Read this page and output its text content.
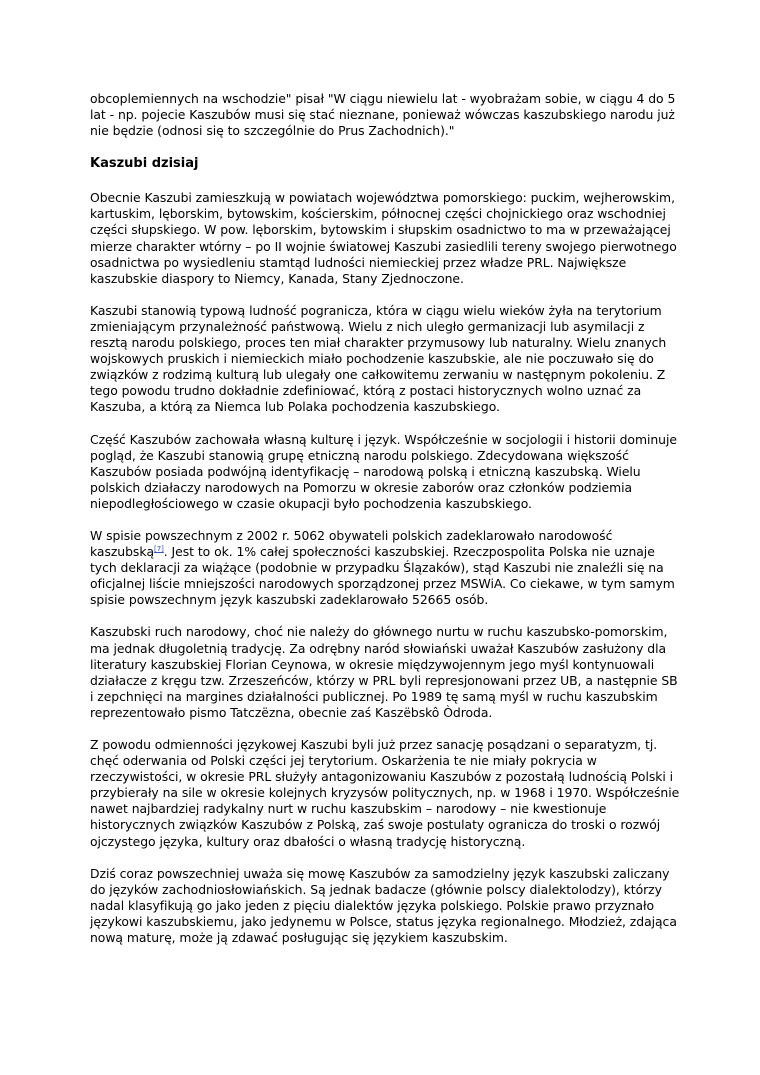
obcoplemiennych na wschodzie" pisał "W ciągu niewielu lat - wyobrażam sobie, w ciągu 4 do 5 lat - np. pojecie Kaszubów musi się stać nieznane, ponieważ wówczas kaszubskiego narodu już nie będzie (odnosi się to szczególnie do Prus Zachodnich)."

Kaszubi dzisiaj

Obecnie Kaszubi zamieszkują w powiatach województwa pomorskiego: puckim, wejherowskim, kartuskim, lęborskim, bytowskim, kościerskim, północnej części chojnickiego oraz wschodniej części słupskiego. W pow. lęborskim, bytowskim i słupskim osadnictwo to ma w przeważającej mierze charakter wtórny – po II wojnie światowej Kaszubi zasiedlili tereny swojego pierwotnego osadnictwa po wysiedleniu stamtąd ludności niemieckiej przez władze PRL. Największe kaszubskie diaspory to Niemcy, Kanada, Stany Zjednoczone.

Kaszubi stanowią typową ludność pogranicza, która w ciągu wielu wieków żyła na terytorium zmieniającym przynależność państwową. Wielu z nich uległo germanizacji lub asymilacji z resztą narodu polskiego, proces ten miał charakter przymusowy lub naturalny. Wielu znanych wojskowych pruskich i niemieckich miało pochodzenie kaszubskie, ale nie poczuwało się do związków z rodzimą kulturą lub ulegały one całkowitemu zerwaniu w następnym pokoleniu. Z tego powodu trudno dokładnie zdefiniować, którą z postaci historycznych wolno uznać za Kaszuba, a którą za Niemca lub Polaka pochodzenia kaszubskiego.

Część Kaszubów zachowała własną kulturę i język. Współcześnie w socjologii i historii dominuje pogląd, że Kaszubi stanowią grupę etniczną narodu polskiego. Zdecydowana większość Kaszubów posiada podwójną identyfikację – narodową polską i etniczną kaszubską. Wielu polskich działaczy narodowych na Pomorzu w okresie zaborów oraz członków podziemia niepodległościowego w czasie okupacji było pochodzenia kaszubskiego.

W spisie powszechnym z 2002 r. 5062 obywateli polskich zadeklarowało narodowość kaszubską[7]. Jest to ok. 1% całej społeczności kaszubskiej. Rzeczpospolita Polska nie uznaje tych deklaracji za wiążące (podobnie w przypadku Ślązaków), stąd Kaszubi nie znaleźli się na oficjalnej liście mniejszości narodowych sporządzonej przez MSWiA. Co ciekawe, w tym samym spisie powszechnym język kaszubski zadeklarowało 52665 osób.

Kaszubski ruch narodowy, choć nie należy do głównego nurtu w ruchu kaszubsko-pomorskim, ma jednak długoletnią tradycję. Za odrębny naród słowiański uważał Kaszubów zasłużony dla literatury kaszubskiej Florian Ceynowa, w okresie międzywojennym jego myśl kontynuowali działacze z kręgu tzw. Zrzeszeńców, którzy w PRL byli represjonowani przez UB, a następnie SB i zepchnięci na margines działalności publicznej. Po 1989 tę samą myśl w ruchu kaszubskim reprezentowało pismo Tatczëzna, obecnie zaś Kaszëbskô Òdroda.

Z powodu odmienności językowej Kaszubi byli już przez sanację posądzani o separatyzm, tj. chęć oderwania od Polski części jej terytorium. Oskarżenia te nie miały pokrycia w rzeczywistości, w okresie PRL służyły antagonizowaniu Kaszubów z pozostałą ludnością Polski i przybierały na sile w okresie kolejnych kryzysów politycznych, np. w 1968 i 1970. Współcześnie nawet najbardziej radykalny nurt w ruchu kaszubskim – narodowy – nie kwestionuje historycznych związków Kaszubów z Polską, zaś swoje postulaty ogranicza do troski o rozwój ojczystego języka, kultury oraz dbałości o własną tradycję historyczną.

Dziś coraz powszechniej uważa się mowę Kaszubów za samodzielny język kaszubski zaliczany do języków zachodniosłowiańskich. Są jednak badacze (głównie polscy dialektolodzy), którzy nadal klasyfikują go jako jeden z pięciu dialektów języka polskiego. Polskie prawo przyznało językowi kaszubskiemu, jako jedynemu w Polsce, status języka regionalnego. Młodzież, zdająca nową maturę, może ją zdawać posługując się językiem kaszubskim.
